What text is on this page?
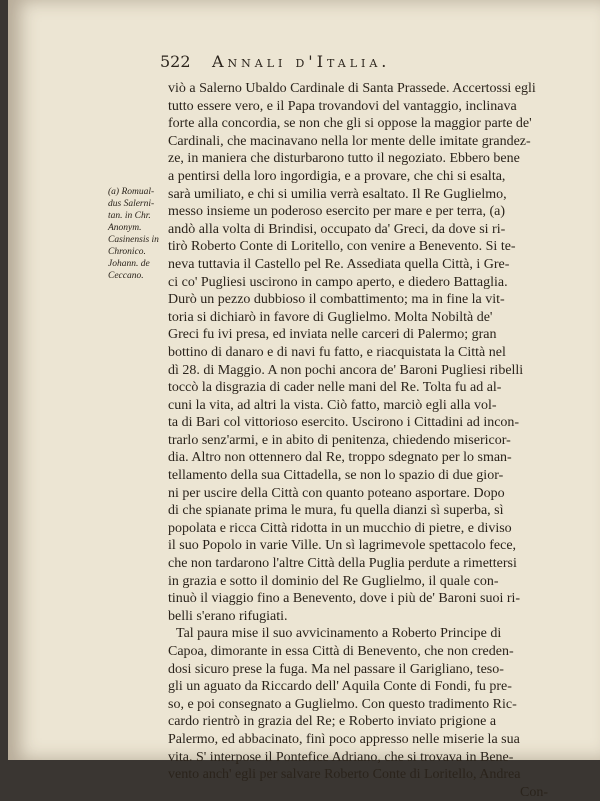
522 Annali d'Italia.
(a) Romual-
dus Salerni-
tan. in Chr.
Anonym.
Casinensis in
Chronico.
Johann. de
Ceccano.
viò a Salerno Ubaldo Cardinale di Santa Prassede. Accertossi egli
tutto essere vero, e il Papa trovandovi del vantaggio, inclinava
forte alla concordia, se non che gli si oppose la maggior parte de'
Cardinali, che macinavano nella lor mente delle imitate grandez-
ze, in maniera che disturbarono tutto il negoziato. Ebbero bene
a pentirsi della loro ingordigia, e a provare, che chi si esalta,
sarà umiliato, e chi si umilia verrà esaltato. Il Re Guglielmo,
messo insieme un poderoso esercito per mare e per terra, (a)
andò alla volta di Brindisi, occupato da' Greci, da dove si ri-
tirò Roberto Conte di Loritello, con venire a Benevento. Si te-
neva tuttavia il Castello pel Re. Assediata quella Città, i Gre-
ci co' Pugliesi uscirono in campo aperto, e diedero Battaglia.
Durò un pezzo dubbioso il combattimento; ma in fine la vit-
toria si dichiarò in favore di Guglielmo. Molta Nobiltà de'
Greci fu ivi presa, ed inviata nelle carceri di Palermo; gran
bottino di danaro e di navi fu fatto, e riacquistata la Città nel
dì 28. di Maggio. A non pochi ancora de' Baroni Pugliesi ribelli
toccò la disgrazia di cader nelle mani del Re. Tolta fu ad al-
cuni la vita, ad altri la vista. Ciò fatto, marciò egli alla vol-
ta di Bari col vittorioso esercito. Uscirono i Cittadini ad incon-
trarlo senz'armi, e in abito di penitenza, chiedendo misericor-
dia. Altro non ottennero dal Re, troppo sdegnato per lo sman-
tellamento della sua Cittadella, se non lo spazio di due gior-
ni per uscire della Città con quanto poteano asportare. Dopo
di che spianate prima le mura, fu quella dianzi sì superba, sì
popolata e ricca Città ridotta in un mucchio di pietre, e diviso
il suo Popolo in varie Ville. Un sì lagrimevole spettacolo fece,
che non tardarono l'altre Città della Puglia perdute a rimettersi
in grazia e sotto il dominio del Re Guglielmo, il quale con-
tinuò il viaggio fino a Benevento, dove i più de' Baroni suoi ri-
belli s'erano rifugiati.
Tal paura mise il suo avvicinamento a Roberto Principe di
Capoa, dimorante in essa Città di Benevento, che non creden-
dosi sicuro prese la fuga. Ma nel passare il Garigliano, teso-
gli un aguato da Riccardo dell' Aquila Conte di Fondi, fu pre-
so, e poi consegnato a Guglielmo. Con questo tradimento Ric-
cardo rientrò in grazia del Re; e Roberto inviato prigione a
Palermo, ed abbacinato, finì poco appresso nelle miserie la sua
vita. S' interpose il Pontefice Adriano, che si trovava in Bene-
vento anch' egli per salvare Roberto Conte di Loritello, Andrea
Con-
